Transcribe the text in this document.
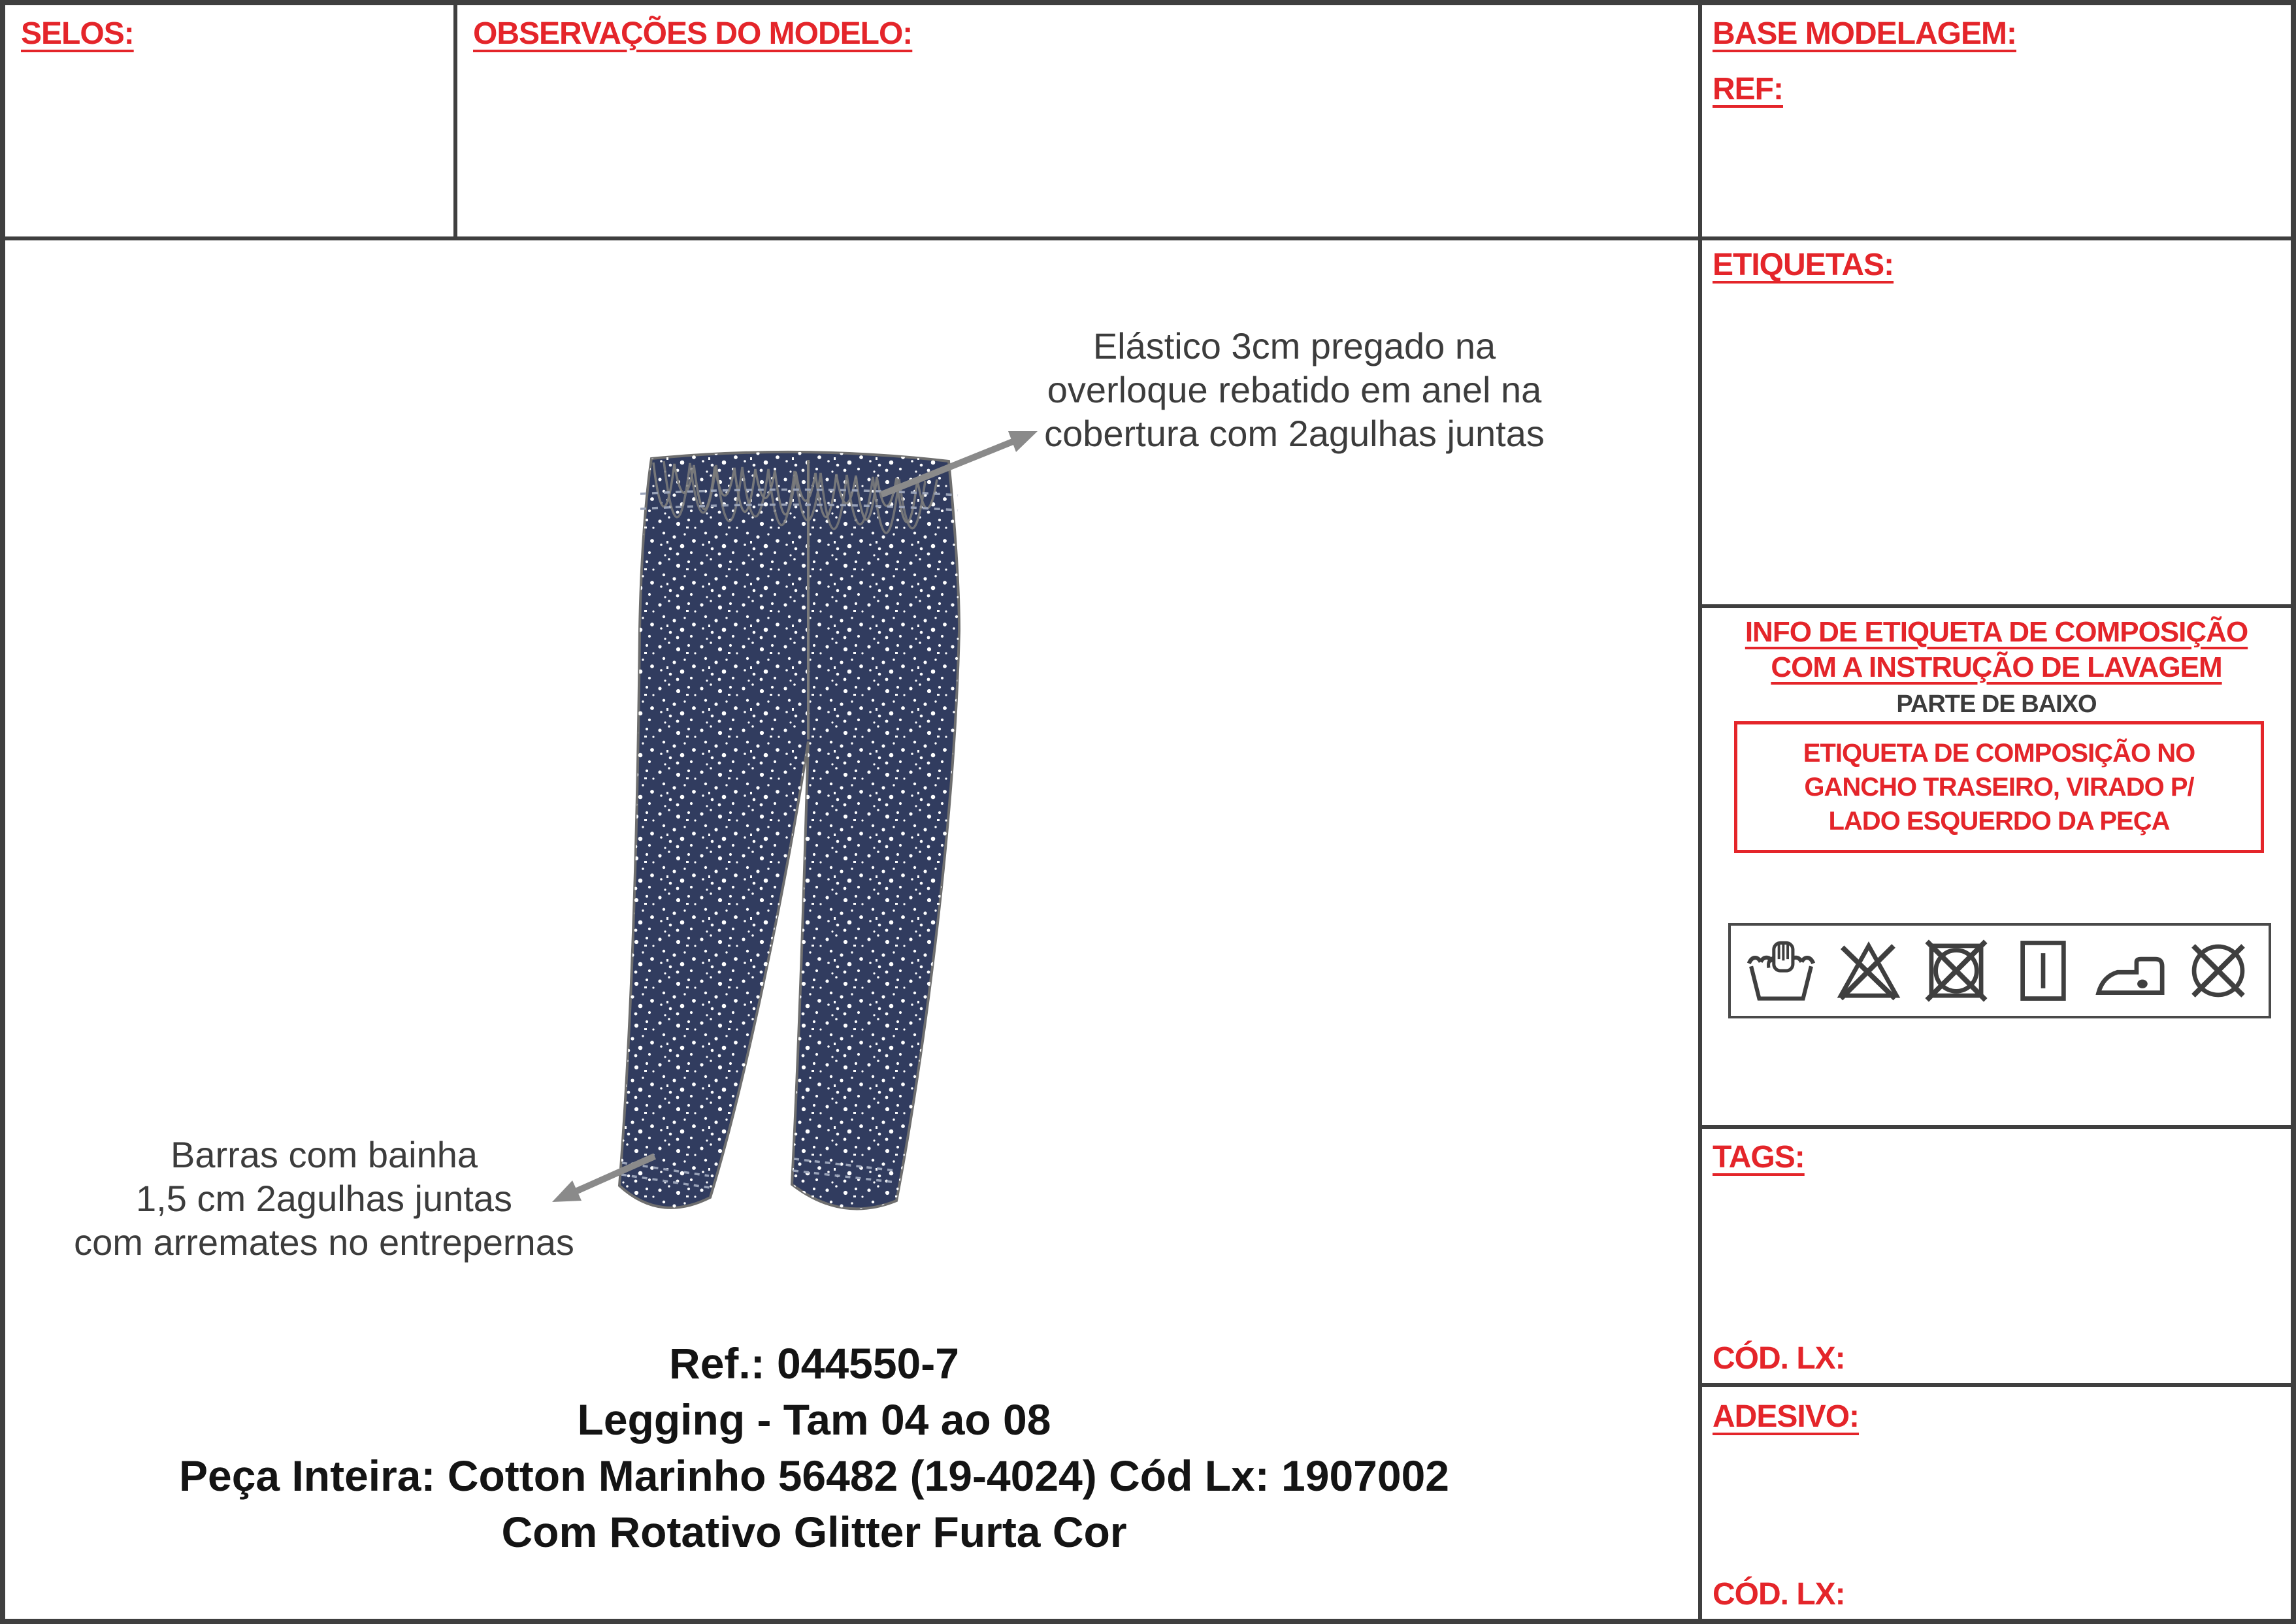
SELOS:	OBSERVAÇÕES DO MODELO:
Elástico 3cm pregado na
overloque rebatido em anel na
cobertura com 2agulhas juntas
Barras com bainha
1,5 cm 2agulhas juntas
com arremates no entrepernas
Ref.: 044550-7
Legging - Tam 04 ao 08
Peça Inteira: Cotton Marinho 56482 (19-4024) Cód Lx: 1907002
Com Rotativo Glitter Furta Cor
BASE MODELAGEM:
REF:
ETIQUETAS:
INFO DE ETIQUETA DE COMPOSIÇÃO
COM A INSTRUÇÃO DE LAVAGEM
PARTE DE BAIXO
ETIQUETA DE COMPOSIÇÃO NO
GANCHO TRASEIRO, VIRADO P/
LADO ESQUERDO DA PEÇA
TAGS:
CÓD. LX:
ADESIVO:
CÓD. LX:
